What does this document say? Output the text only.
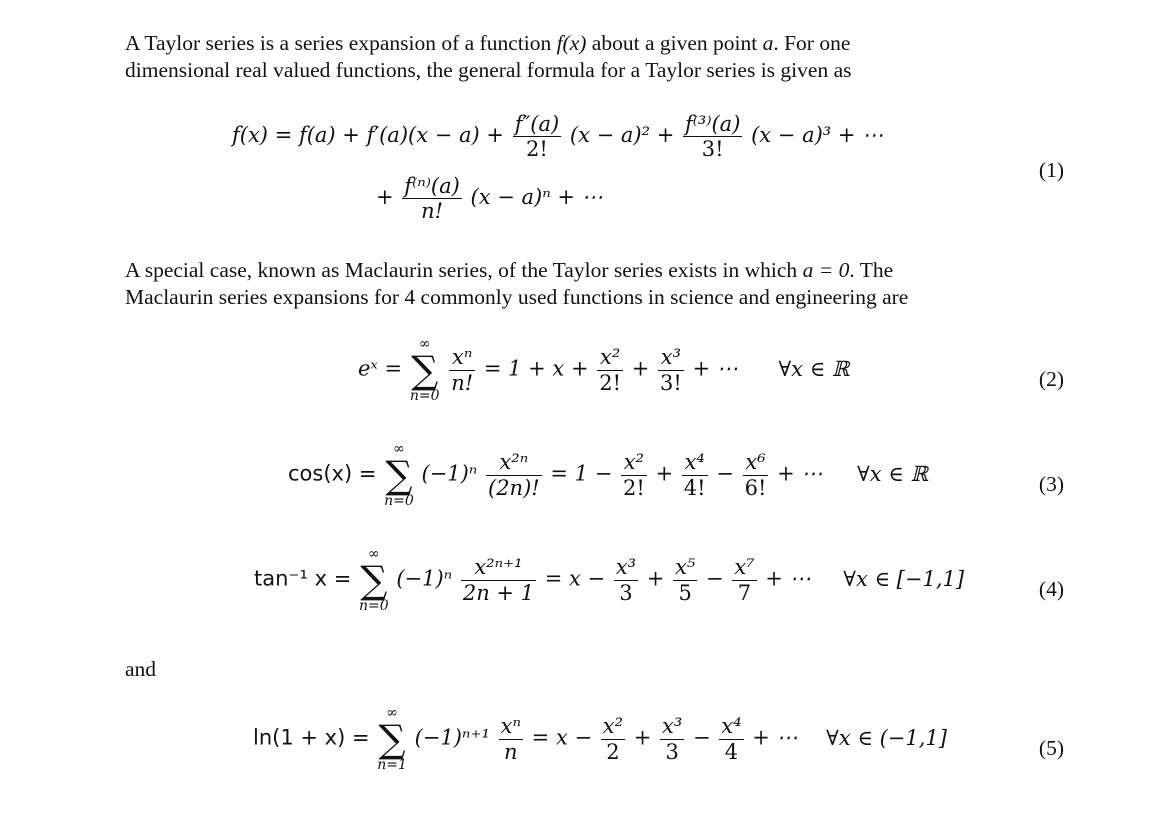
A Taylor series is a series expansion of a function f(x) about a given point a. For one

dimensional real valued functions, the general formula for a Taylor series is given as

$f(x) = f(a) + f'(a)(x - a) + \frac{f''(a)}{2!} (x - a)^2 + \frac{\text{f⁽³⁾(a)}}{3!} (x - a)^3$ + ⋯
+ $\frac{\text{f⁽ⁿ⁾(a)}}{n!} (x - a)^n$ + ⋯
(1)

A special case, known as Maclaurin series, of the Taylor series exists in which a = 0. The

Maclaurin series expansions for 4 commonly used functions in science and engineering are

eˣ =
∞
∑
n=0

$\frac{\text{xⁿ}}{n!} = 1 + x + \frac{\text{x²}}{2!} + \frac{\text{x³}}{3!}$ + ⋯ ∀x ∈ ℝ	(2)
cos(x) =
∞
∑
n=0
$(-1)^n \frac{\text{x²ⁿ}}{(2n)!} = 1 - \frac{\text{x²}}{2!} + \frac{\text{x⁴}}{4!} - \frac{\text{x⁶}}{6!}$ + ⋯ ∀x ∈ ℝ	(3)
tan⁻¹ x =
∞
∑
n=0
$(-1)^n \frac{\text{x²ⁿ⁺¹}}{2n + 1} = x - \frac{\text{x³}}{3} + \frac{\text{x⁵}}{5} - \frac{\text{x⁷}}{7}$ + ⋯ ∀x ∈ [−1,1]	(4)
and
ln(1 + x) =
∞
∑
n=1
$(-1)^{n+1} \frac{\text{xⁿ}}{n} = x - \frac{\text{x²}}{2} + \frac{\text{x³}}{3} - \frac{\text{x⁴}}{4}$ + ⋯ ∀x ∈ (−1,1]	(5)
